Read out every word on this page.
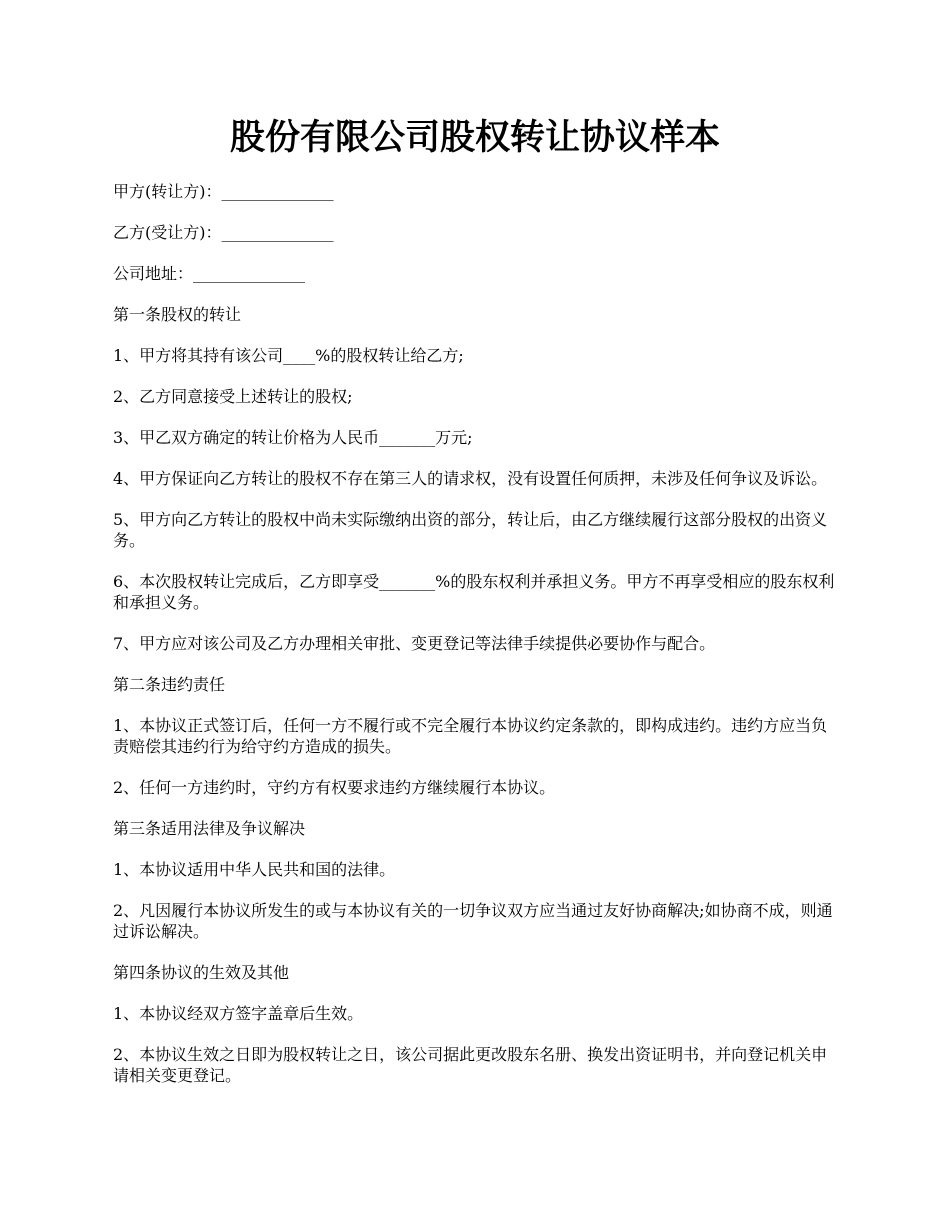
股份有限公司股权转让协议样本

甲方(转让方)：______________

乙方(受让方)：______________

公司地址：______________

第一条股权的转让

1、甲方将其持有该公司____%的股权转让给乙方;

2、乙方同意接受上述转让的股权;

3、甲乙双方确定的转让价格为人民币_______万元;

4、甲方保证向乙方转让的股权不存在第三人的请求权，没有设置任何质押，未涉及任何争议及诉讼。

5、甲方向乙方转让的股权中尚未实际缴纳出资的部分，转让后，由乙方继续履行这部分股权的出资义务。

6、本次股权转让完成后，乙方即享受_______%的股东权利并承担义务。甲方不再享受相应的股东权利和承担义务。

7、甲方应对该公司及乙方办理相关审批、变更登记等法律手续提供必要协作与配合。

第二条违约责任

1、本协议正式签订后，任何一方不履行或不完全履行本协议约定条款的，即构成违约。违约方应当负责赔偿其违约行为给守约方造成的损失。

2、任何一方违约时，守约方有权要求违约方继续履行本协议。

第三条适用法律及争议解决

1、本协议适用中华人民共和国的法律。

2、凡因履行本协议所发生的或与本协议有关的一切争议双方应当通过友好协商解决;如协商不成，则通过诉讼解决。

第四条协议的生效及其他

1、本协议经双方签字盖章后生效。

2、本协议生效之日即为股权转让之日，该公司据此更改股东名册、换发出资证明书，并向登记机关申请相关变更登记。
